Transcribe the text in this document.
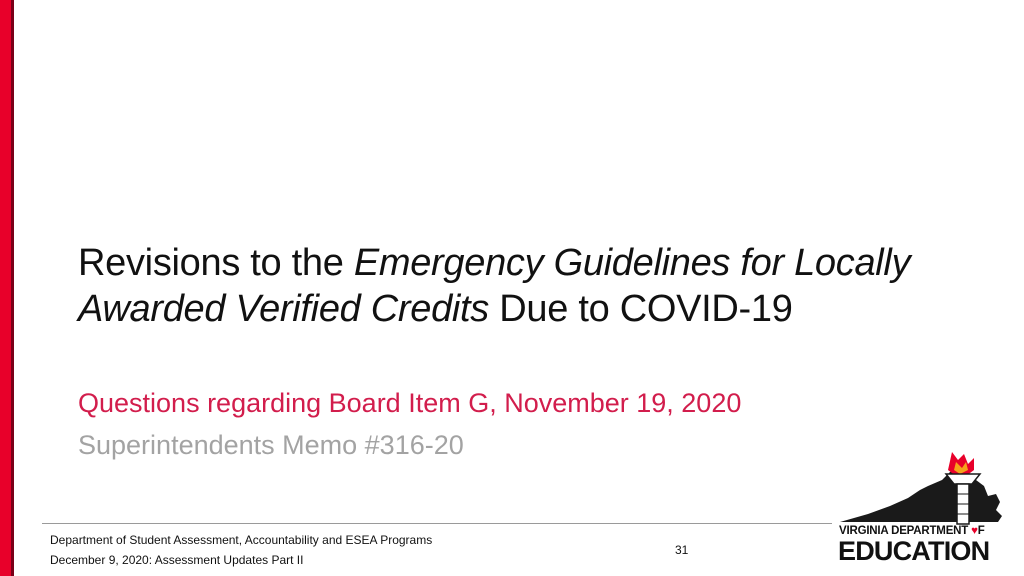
Revisions to the Emergency Guidelines for Locally Awarded Verified Credits Due to COVID-19
Questions regarding Board Item G, November 19, 2020
Superintendents Memo #316-20
Department of Student Assessment, Accountability and ESEA Programs
December 9, 2020: Assessment Updates Part II
31
VIRGINIA DEPARTMENT ♥F
EDUCATION
